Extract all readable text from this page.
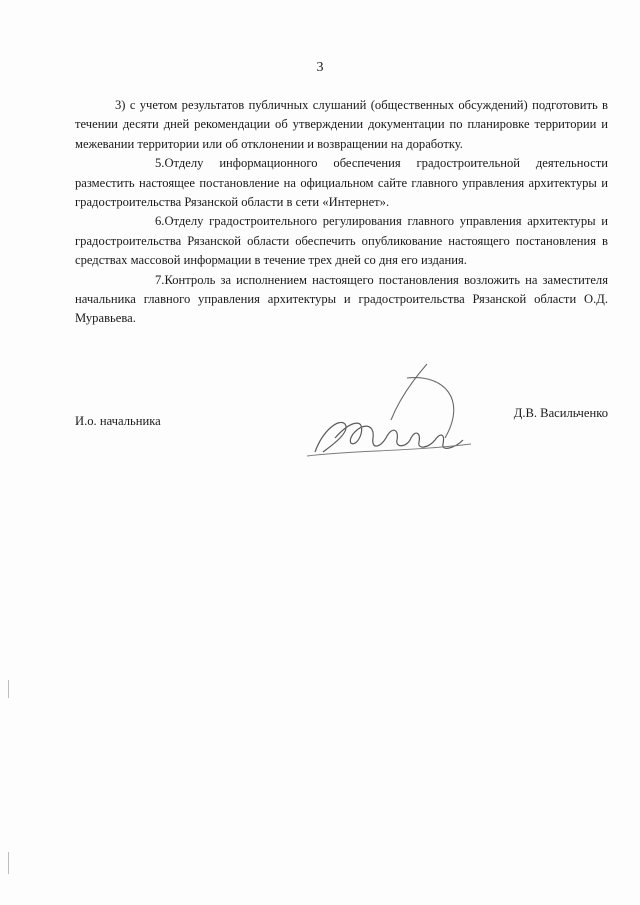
3

3) с учетом результатов публичных слушаний (общественных обсуждений) подготовить в течении десяти дней рекомендации об утверждении документации по планировке территории и межевании территории или об отклонении и возвращении на доработку.

5.Отделу информационного обеспечения градостроительной деятельности разместить настоящее постановление на официальном сайте главного управления архитектуры и градостроительства Рязанской области в сети «Интернет».

6.Отделу градостроительного регулирования главного управления архитектуры и градостроительства Рязанской области обеспечить опубликование настоящего постановления в средствах массовой информации в течение трех дней со дня его издания.

7.Контроль за исполнением настоящего постановления возложить на заместителя начальника главного управления архитектуры и градостроительства Рязанской области О.Д. Муравьева.

И.о. начальника
Д.В. Васильченко
